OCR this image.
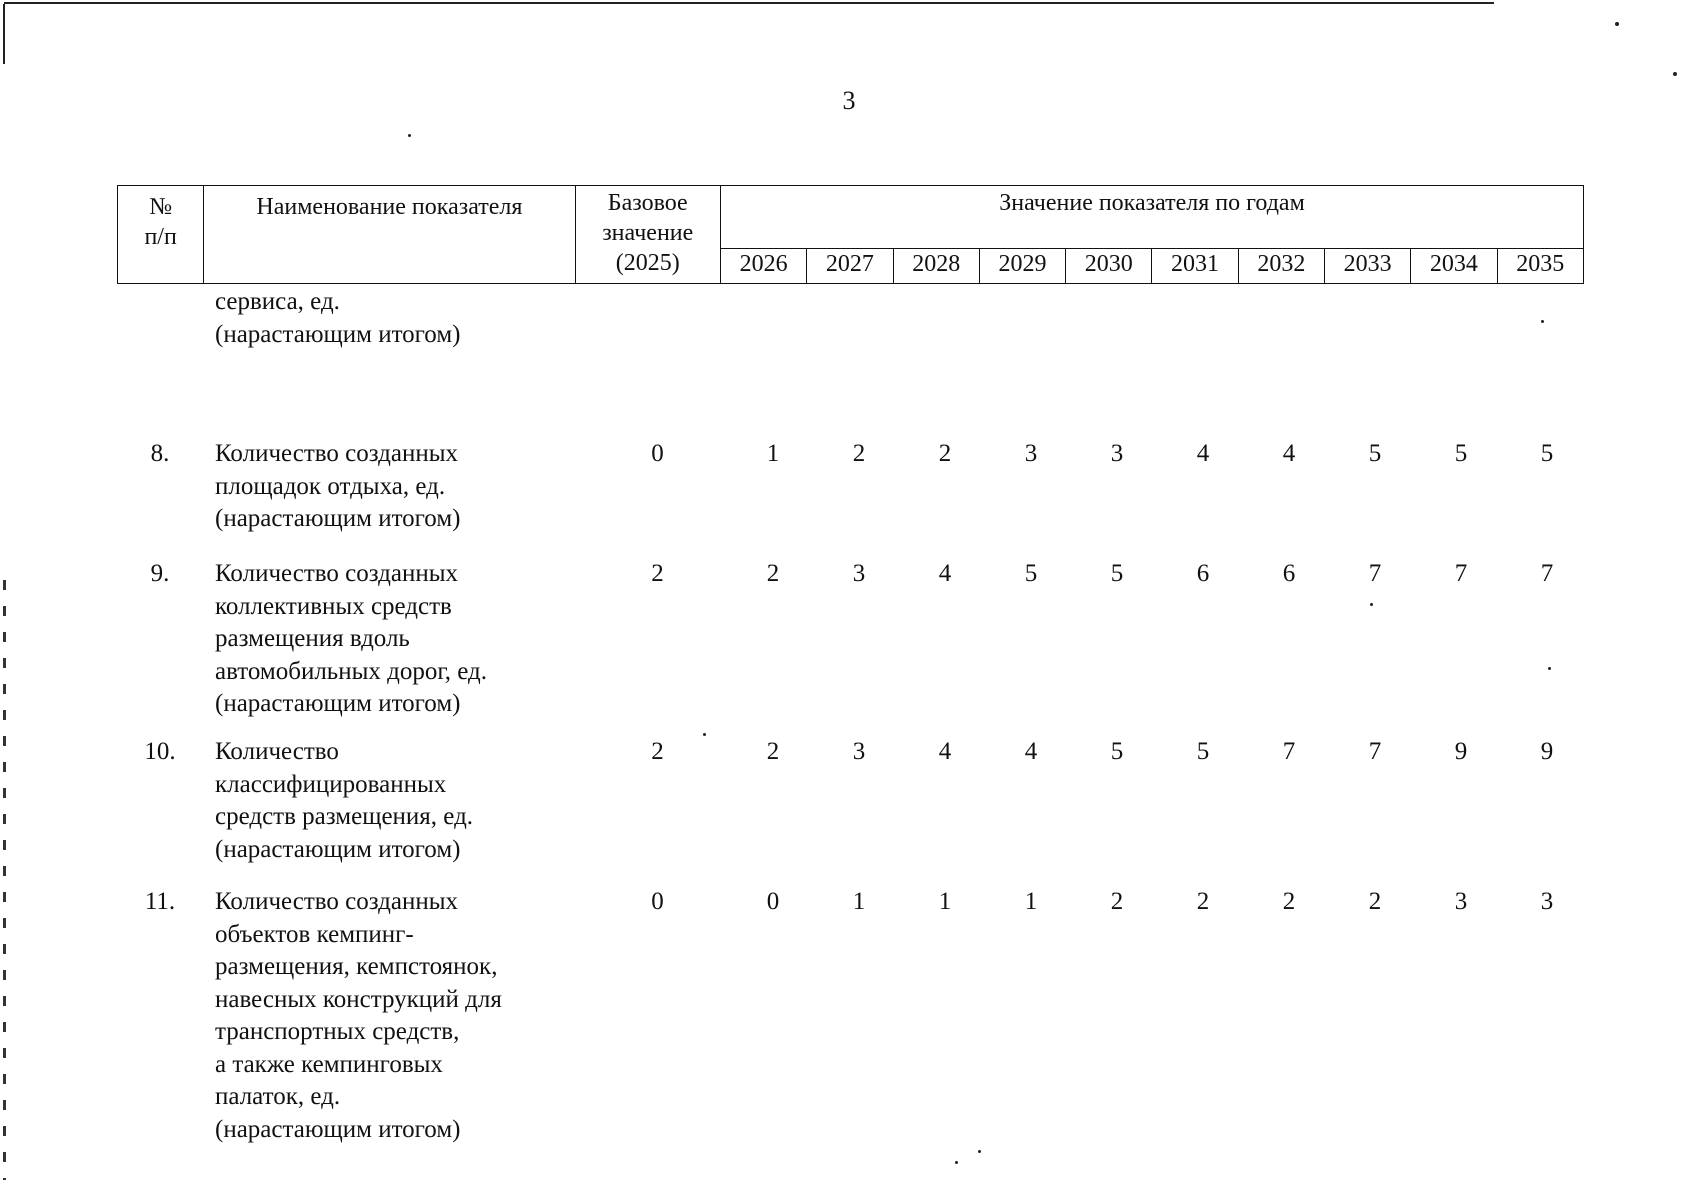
3
№
п/п	Наименование показателя	Базовое значение (2025)	Значение показателя по годам									
			2026	2027	2028	2029	2030	2031	2032	2033	2034	2035
сервиса, ед.
(нарастающим итогом)
8.	Количество созданных
площадок отдыха, ед.
(нарастающим итогом)
0	1	2	2	3	3	4	4	5	5	5
9.	Количество созданных
коллективных средств
размещения вдоль
автомобильных дорог, ед.
(нарастающим итогом)
2	2	3	4	5	5	6	6	7	7	7
10.	Количество
классифицированных
средств размещения, ед.
(нарастающим итогом)
2	2	3	4	4	5	5	7	7	9	9
11.	Количество созданных
объектов кемпинг-
размещения, кемпстоянок,
навесных конструкций для
транспортных средств,
а также кемпинговых
палаток, ед.
(нарастающим итогом)
0	0	1	1	1	2	2	2	2	3	3
